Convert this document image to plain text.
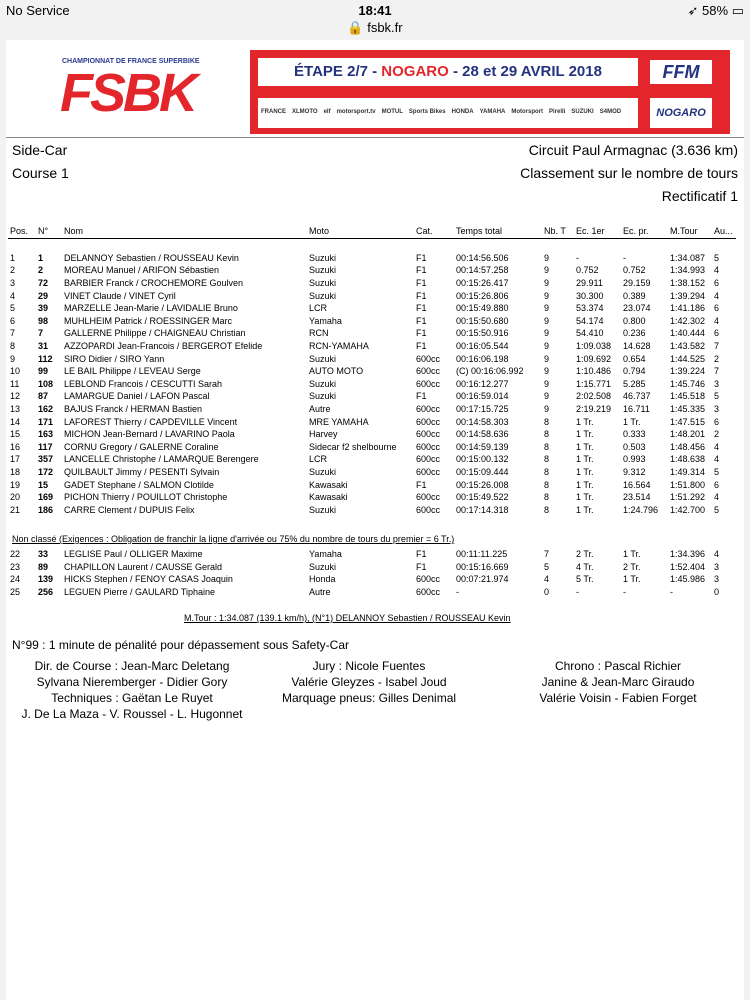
No Service	18:41	➶ 58% ▭
🔒 fsbk.fr
CHAMPIONNAT DE FRANCE SUPERBIKE
FSBK	ÉTAPE 2/7 - NOGARO - 28 et 29 AVRIL 2018	FFM
FRANCE XLMOTO elf motorsport.tv MOTUL Sports Bikes HONDA YAMAHA Motorsport Pirelli SUZUKI S4MOD	NOGARO
Side-Car
Course 1
Circuit Paul Armagnac (3.636 km)
Classement sur le nombre de tours
Rectificatif 1
Pos.	N°	Nom	Moto	Cat.	Temps total	Nb. T	Ec. 1er	Ec. pr.	M.Tour	Au...

1	1	DELANNOY Sebastien / ROUSSEAU Kevin	Suzuki	F1	00:14:56.506	9	-	-	1:34.087	5
2	2	MOREAU Manuel / ARIFON Sébastien	Suzuki	F1	00:14:57.258	9	0.752	0.752	1:34.993	4
3	72	BARBIER Franck / CROCHEMORE Goulven	Suzuki	F1	00:15:26.417	9	29.911	29.159	1:38.152	6
4	29	VINET Claude / VINET Cyril	Suzuki	F1	00:15:26.806	9	30.300	0.389	1:39.294	4
5	39	MARZELLE Jean-Marie / LAVIDALIE Bruno	LCR	F1	00:15:49.880	9	53.374	23.074	1:41.186	6
6	98	MUHLHEIM Patrick / ROESSINGER Marc	Yamaha	F1	00:15:50.680	9	54.174	0.800	1:42.302	4
7	7	GALLERNE Philippe / CHAIGNEAU Christian	RCN	F1	00:15:50.916	9	54.410	0.236	1:40.444	6
8	31	AZZOPARDI Jean-Francois / BERGEROT Efelide	RCN-YAMAHA	F1	00:16:05.544	9	1:09.038	14.628	1:43.582	7
9	112	SIRO Didier / SIRO Yann	Suzuki	600cc	00:16:06.198	9	1:09.692	0.654	1:44.525	2
10	99	LE BAIL Philippe / LEVEAU Serge	AUTO MOTO	600cc	(C) 00:16:06.992	9	1:10.486	0.794	1:39.224	7
11	108	LEBLOND Francois / CESCUTTI Sarah	Suzuki	600cc	00:16:12.277	9	1:15.771	5.285	1:45.746	3
12	87	LAMARGUE Daniel / LAFON Pascal	Suzuki	F1	00:16:59.014	9	2:02.508	46.737	1:45.518	5
13	162	BAJUS Franck / HERMAN Bastien	Autre	600cc	00:17:15.725	9	2:19.219	16.711	1:45.335	3
14	171	LAFOREST Thierry / CAPDEVILLE Vincent	MRE YAMAHA	600cc	00:14:58.303	8	1 Tr.	1 Tr.	1:47.515	6
15	163	MICHON Jean-Bernard / LAVARINO Paola	Harvey	600cc	00:14:58.636	8	1 Tr.	0.333	1:48.201	2
16	117	CORNU Gregory / GALERNE Coraline	Sidecar f2 shelbourne	600cc	00:14:59.139	8	1 Tr.	0.503	1:48.456	4
17	357	LANCELLE Christophe / LAMARQUE Berengere	LCR	600cc	00:15:00.132	8	1 Tr.	0.993	1:48.638	4
18	172	QUILBAULT Jimmy / PESENTI Sylvain	Suzuki	600cc	00:15:09.444	8	1 Tr.	9.312	1:49.314	5
19	15	GADET Stephane / SALMON Clotilde	Kawasaki	F1	00:15:26.008	8	1 Tr.	16.564	1:51.800	6
20	169	PICHON Thierry / POUILLOT Christophe	Kawasaki	600cc	00:15:49.522	8	1 Tr.	23.514	1:51.292	4
21	186	CARRE Clement / DUPUIS Felix	Suzuki	600cc	00:17:14.318	8	1 Tr.	1:24.796	1:42.700	5
Non classé (Exigences : Obligation de franchir la ligne d'arrivée ou 75% du nombre de tours du premier = 6 Tr.)
22	33	LEGLISE Paul / OLLIGER Maxime	Yamaha	F1	00:11:11.225	7	2 Tr.	1 Tr.	1:34.396	4
23	89	CHAPILLON Laurent / CAUSSE Gerald	Suzuki	F1	00:15:16.669	5	4 Tr.	2 Tr.	1:52.404	3
24	139	HICKS Stephen / FENOY CASAS Joaquin	Honda	600cc	00:07:21.974	4	5 Tr.	1 Tr.	1:45.986	3
25	256	LEGUEN Pierre / GAULARD Tiphaine	Autre	600cc	-	0	-	-	-	0
M.Tour : 1:34.087 (139.1 km/h), (N°1) DELANNOY Sebastien / ROUSSEAU Kevin
N°99 : 1 minute de pénalité pour dépassement sous Safety-Car
Dir. de Course : Jean-Marc Deletang
Sylvana Nieremberger - Didier Gory
Techniques : Gaëtan Le Ruyet
J. De La Maza - V. Roussel - L. Hugonnet
Jury : Nicole Fuentes
Valérie Gleyzes - Isabel Joud
Marquage pneus: Gilles Denimal
Chrono : Pascal Richier
Janine & Jean-Marc Giraudo
Valérie Voisin - Fabien Forget
